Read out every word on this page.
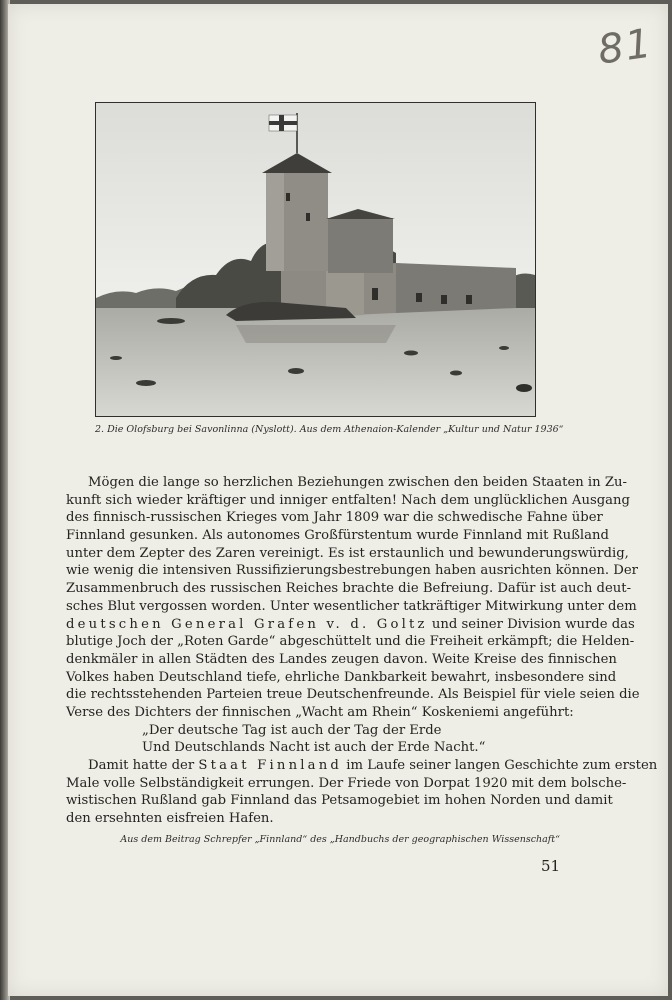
81
2. Die Olofsburg bei Savonlinna (Nyslott). Aus dem Athenaion-Kalender „Kultur und Natur 1936“
Mögen die lange so herzlichen Beziehungen zwischen den beiden Staaten in Zu-
kunft sich wieder kräftiger und inniger entfalten! Nach dem unglücklichen Ausgang
des finnisch-russischen Krieges vom Jahr 1809 war die schwedische Fahne über
Finnland gesunken. Als autonomes Großfürstentum wurde Finnland mit Rußland
unter dem Zepter des Zaren vereinigt. Es ist erstaunlich und bewunderungswürdig,
wie wenig die intensiven Russifizierungsbestrebungen haben ausrichten können. Der
Zusammenbruch des russischen Reiches brachte die Befreiung. Dafür ist auch deut-
sches Blut vergossen worden. Unter wesentlicher tatkräftiger Mitwirkung unter dem
deutschen General Grafen v. d. Goltz und seiner Division wurde das
blutige Joch der „Roten Garde“ abgeschüttelt und die Freiheit erkämpft; die Helden-
denkmäler in allen Städten des Landes zeugen davon. Weite Kreise des finnischen
Volkes haben Deutschland tiefe, ehrliche Dankbarkeit bewahrt, insbesondere sind
die rechtsstehenden Parteien treue Deutschenfreunde. Als Beispiel für viele seien die
Verse des Dichters der finnischen „Wacht am Rhein“ Koskeniemi angeführt:
„Der deutsche Tag ist auch der Tag der Erde
Und Deutschlands Nacht ist auch der Erde Nacht.“
Damit hatte der Staat Finnland im Laufe seiner langen Geschichte zum ersten
Male volle Selbständigkeit errungen. Der Friede von Dorpat 1920 mit dem bolsche-
wistischen Rußland gab Finnland das Petsamogebiet im hohen Norden und damit
den ersehnten eisfreien Hafen.
Aus dem Beitrag Schrepfer „Finnland“ des „Handbuchs der geographischen Wissenschaft“
51
